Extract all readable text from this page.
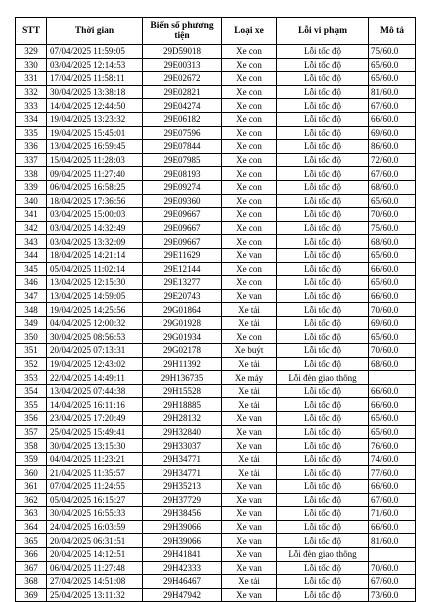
STT	Thời gian	Biển số phương tiện	Loại xe	Lỗi vi phạm	Mô tả
329	07/04/2025 11:59:05	29D59018	Xe con	Lỗi tốc độ	75/60.0
330	03/04/2025 12:14:53	29E00313	Xe con	Lỗi tốc độ	65/60.0
331	17/04/2025 11:58:11	29E02672	Xe con	Lỗi tốc độ	65/60.0
332	30/04/2025 13:38:18	29E02821	Xe con	Lỗi tốc độ	81/60.0
333	14/04/2025 12:44:50	29E04274	Xe con	Lỗi tốc độ	67/60.0
334	19/04/2025 13:23:32	29E06182	Xe con	Lỗi tốc độ	66/60.0
335	19/04/2025 15:45:01	29E07596	Xe con	Lỗi tốc độ	69/60.0
336	13/04/2025 16:59:45	29E07844	Xe con	Lỗi tốc độ	86/60.0
337	15/04/2025 11:28:03	29E07985	Xe con	Lỗi tốc độ	72/60.0
338	09/04/2025 11:27:40	29E08193	Xe con	Lỗi tốc độ	67/60.0
339	06/04/2025 16:58:25	29E09274	Xe con	Lỗi tốc độ	68/60.0
340	18/04/2025 17:36:56	29E09360	Xe con	Lỗi tốc độ	65/60.0
341	03/04/2025 15:00:03	29E09667	Xe con	Lỗi tốc độ	70/60.0
342	03/04/2025 14:32:49	29E09667	Xe con	Lỗi tốc độ	75/60.0
343	03/04/2025 13:32:09	29E09667	Xe con	Lỗi tốc độ	68/60.0
344	18/04/2025 14:21:14	29E11629	Xe van	Lỗi tốc độ	65/60.0
345	05/04/2025 11:02:14	29E12144	Xe con	Lỗi tốc độ	66/60.0
346	13/04/2025 12:15:30	29E13277	Xe con	Lỗi tốc độ	65/60.0
347	13/04/2025 14:59:05	29E20743	Xe van	Lỗi tốc độ	66/60.0
348	19/04/2025 14:25:56	29G01864	Xe tải	Lỗi tốc độ	70/60.0
349	04/04/2025 12:00:32	29G01928	Xe tải	Lỗi tốc độ	69/60.0
350	30/04/2025 08:56:53	29G01934	Xe con	Lỗi tốc độ	65/60.0
351	20/04/2025 07:13:31	29G02178	Xe buýt	Lỗi tốc độ	70/60.0
352	19/04/2025 12:43:02	29H11392	Xe tải	Lỗi tốc độ	68/60.0
353	22/04/2025 14:49:11	29H136735	Xe máy	Lỗi đèn giao thông	
354	13/04/2025 07:44:38	29H15528	Xe tải	Lỗi tốc độ	66/60.0
355	14/04/2025 16:11:16	29H18885	Xe tải	Lỗi tốc độ	66/60.0
356	23/04/2025 17:20:49	29H28132	Xe van	Lỗi tốc độ	65/60.0
357	25/04/2025 15:49:41	29H32840	Xe van	Lỗi tốc độ	65/60.0
358	30/04/2025 13:15:30	29H33037	Xe van	Lỗi tốc độ	76/60.0
359	04/04/2025 11:23:21	29H34771	Xe tải	Lỗi tốc độ	74/60.0
360	21/04/2025 11:35:57	29H34771	Xe tải	Lỗi tốc độ	77/60.0
361	07/04/2025 11:24:55	29H35213	Xe van	Lỗi tốc độ	66/60.0
362	05/04/2025 16:15:27	29H37729	Xe van	Lỗi tốc độ	67/60.0
363	30/04/2025 16:55:33	29H38456	Xe van	Lỗi tốc độ	71/60.0
364	24/04/2025 16:03:59	29H39066	Xe van	Lỗi tốc độ	66/60.0
365	20/04/2025 06:31:51	29H39066	Xe van	Lỗi tốc độ	81/60.0
366	20/04/2025 14:12:51	29H41841	Xe van	Lỗi đèn giao thông	
367	06/04/2025 11:27:48	29H42333	Xe van	Lỗi tốc độ	70/60.0
368	27/04/2025 14:51:08	29H46467	Xe tải	Lỗi tốc độ	67/60.0
369	25/04/2025 13:11:32	29H47942	Xe van	Lỗi tốc độ	73/60.0
